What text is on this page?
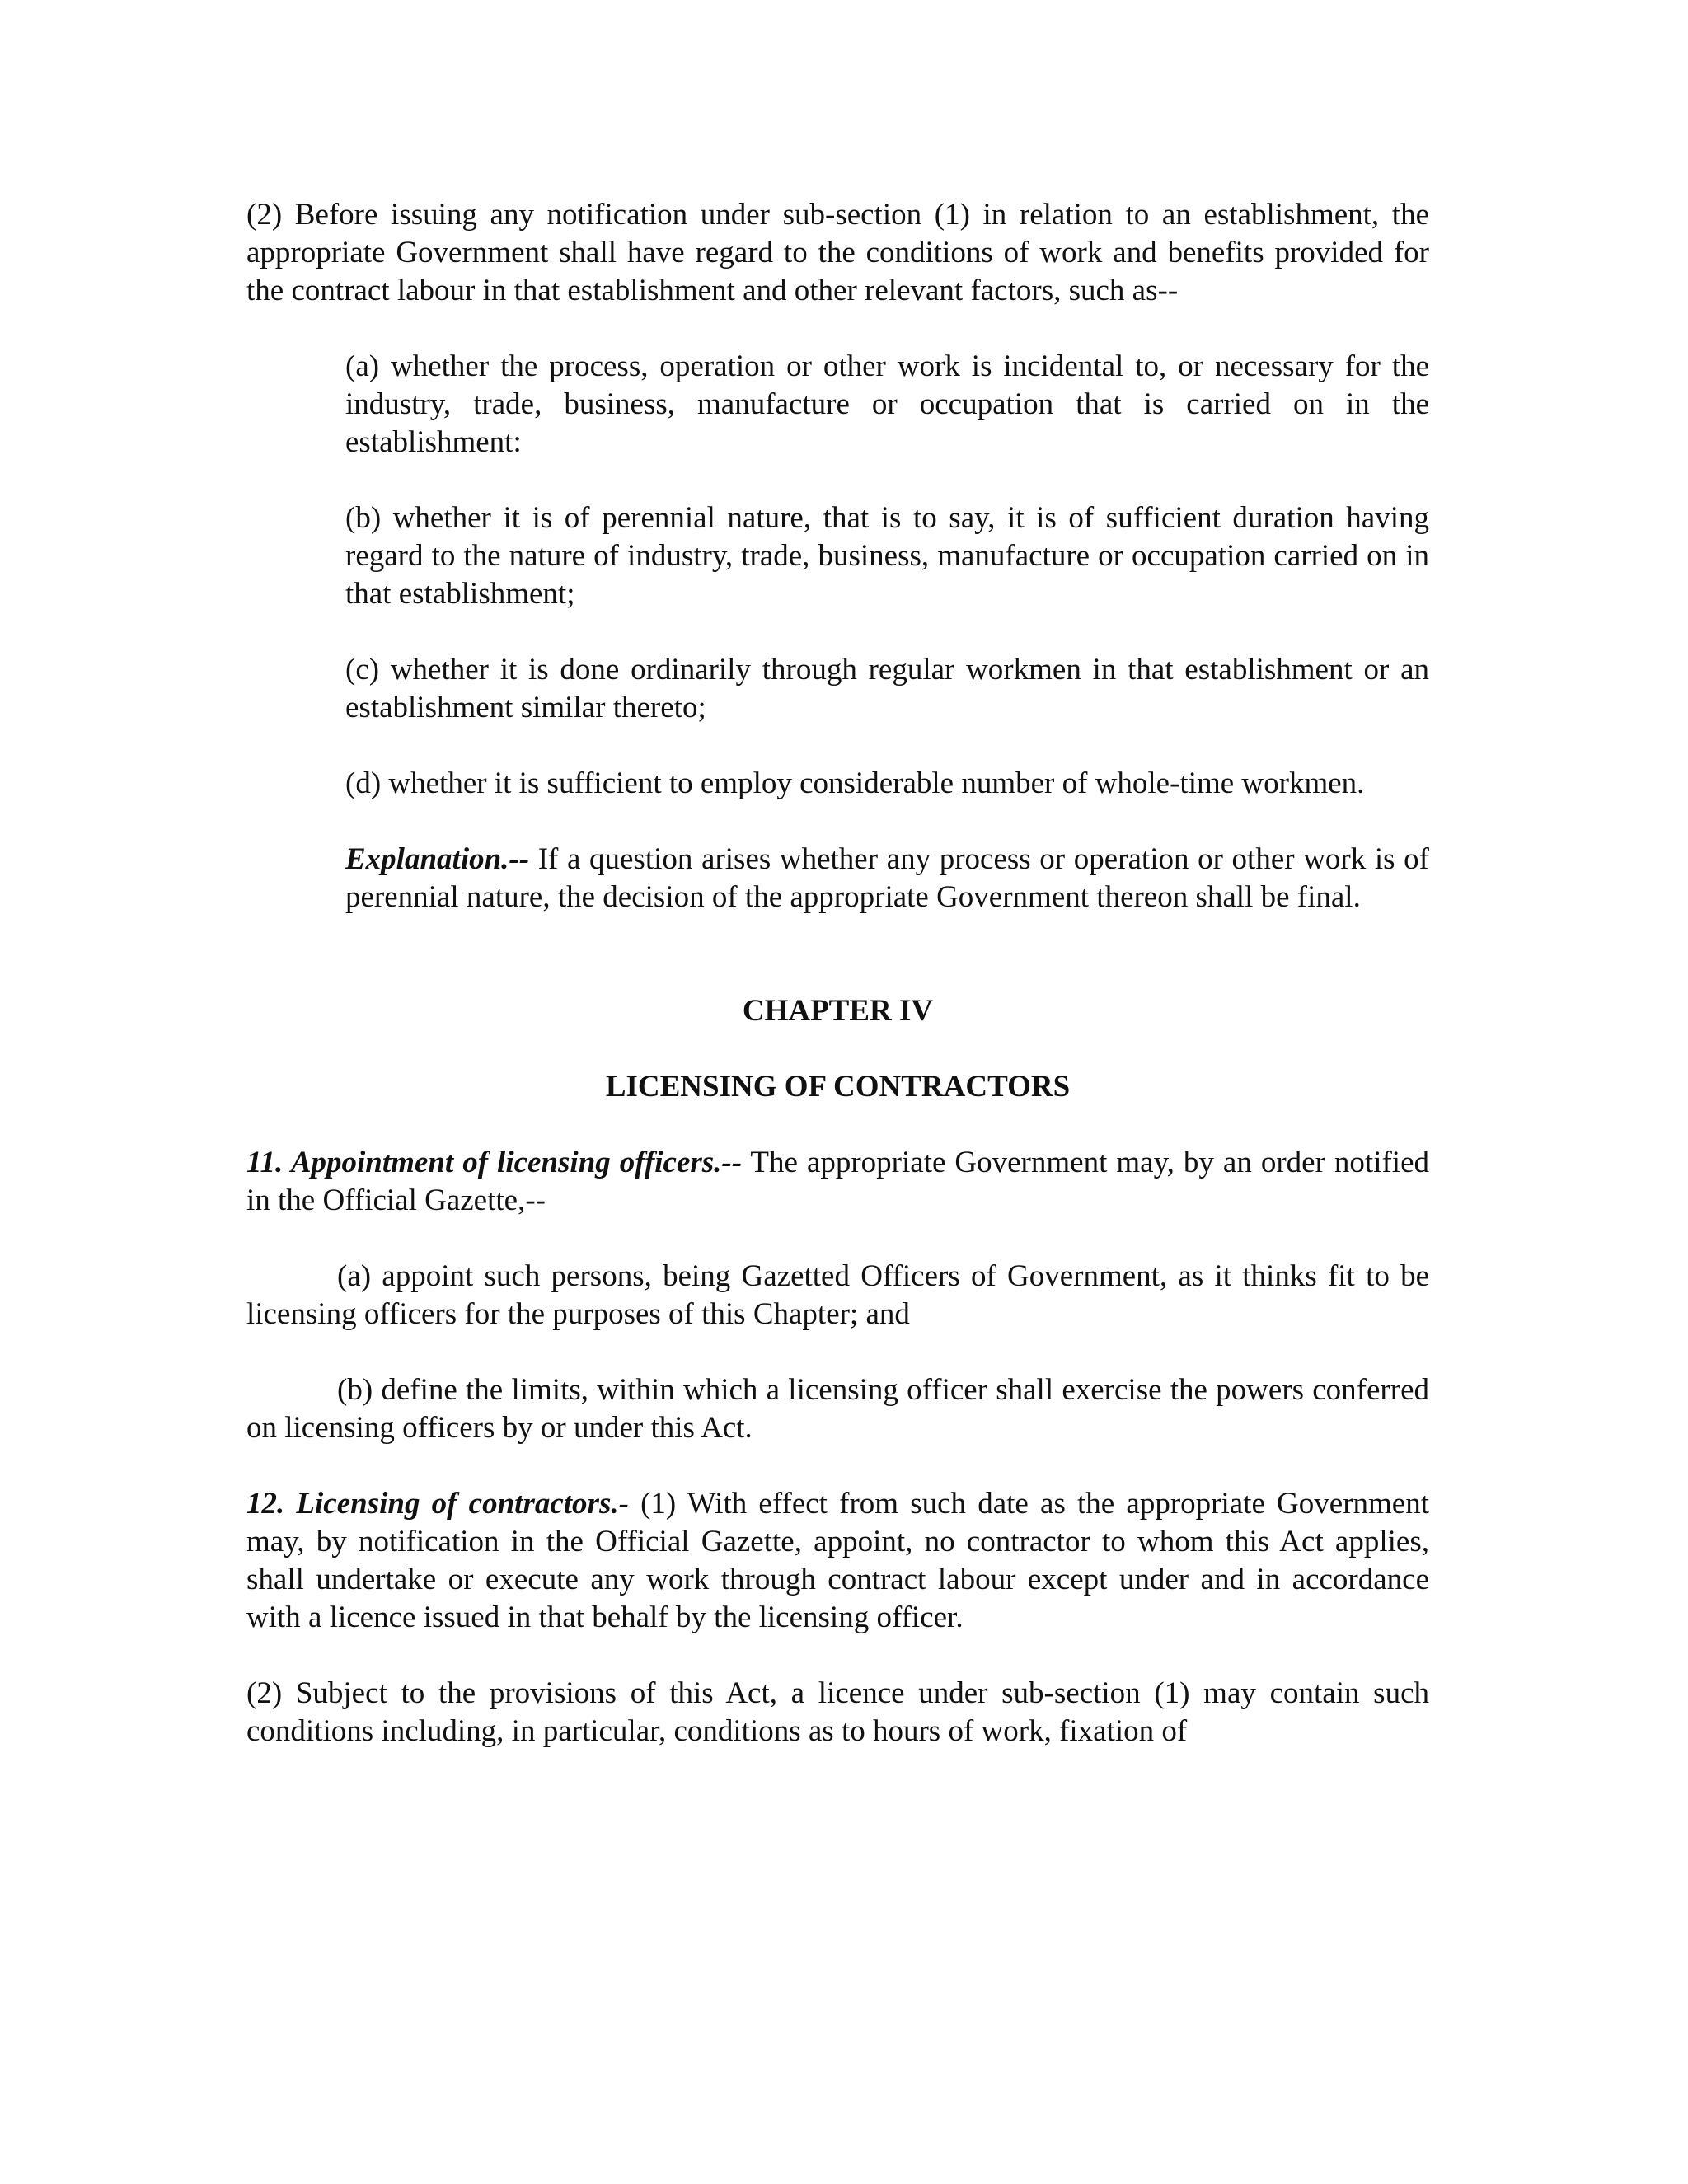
(2) Before issuing any notification under sub-section (1) in relation to an establishment, the appropriate Government shall have regard to the conditions of work and benefits provided for the contract labour in that establishment and other relevant factors, such as--

(a) whether the process, operation or other work is incidental to, or necessary for the industry, trade, business, manufacture or occupation that is carried on in the establishment:

(b) whether it is of perennial nature, that is to say, it is of sufficient duration having regard to the nature of industry, trade, business, manufacture or occupation carried on in that establishment;

(c) whether it is done ordinarily through regular workmen in that establishment or an establishment similar thereto;

(d) whether it is sufficient to employ considerable number of whole-time workmen.

Explanation.-- If a question arises whether any process or operation or other work is of perennial nature, the decision of the appropriate Government thereon shall be final.

CHAPTER IV

LICENSING OF CONTRACTORS

11. Appointment of licensing officers.-- The appropriate Government may, by an order notified in the Official Gazette,--

(a) appoint such persons, being Gazetted Officers of Government, as it thinks fit to be licensing officers for the purposes of this Chapter; and

(b) define the limits, within which a licensing officer shall exercise the powers conferred on licensing officers by or under this Act.

12. Licensing of contractors.- (1) With effect from such date as the appropriate Government may, by notification in the Official Gazette, appoint, no contractor to whom this Act applies, shall undertake or execute any work through contract labour except under and in accordance with a licence issued in that behalf by the licensing officer.

(2) Subject to the provisions of this Act, a licence under sub-section (1) may contain such conditions including, in particular, conditions as to hours of work, fixation of
